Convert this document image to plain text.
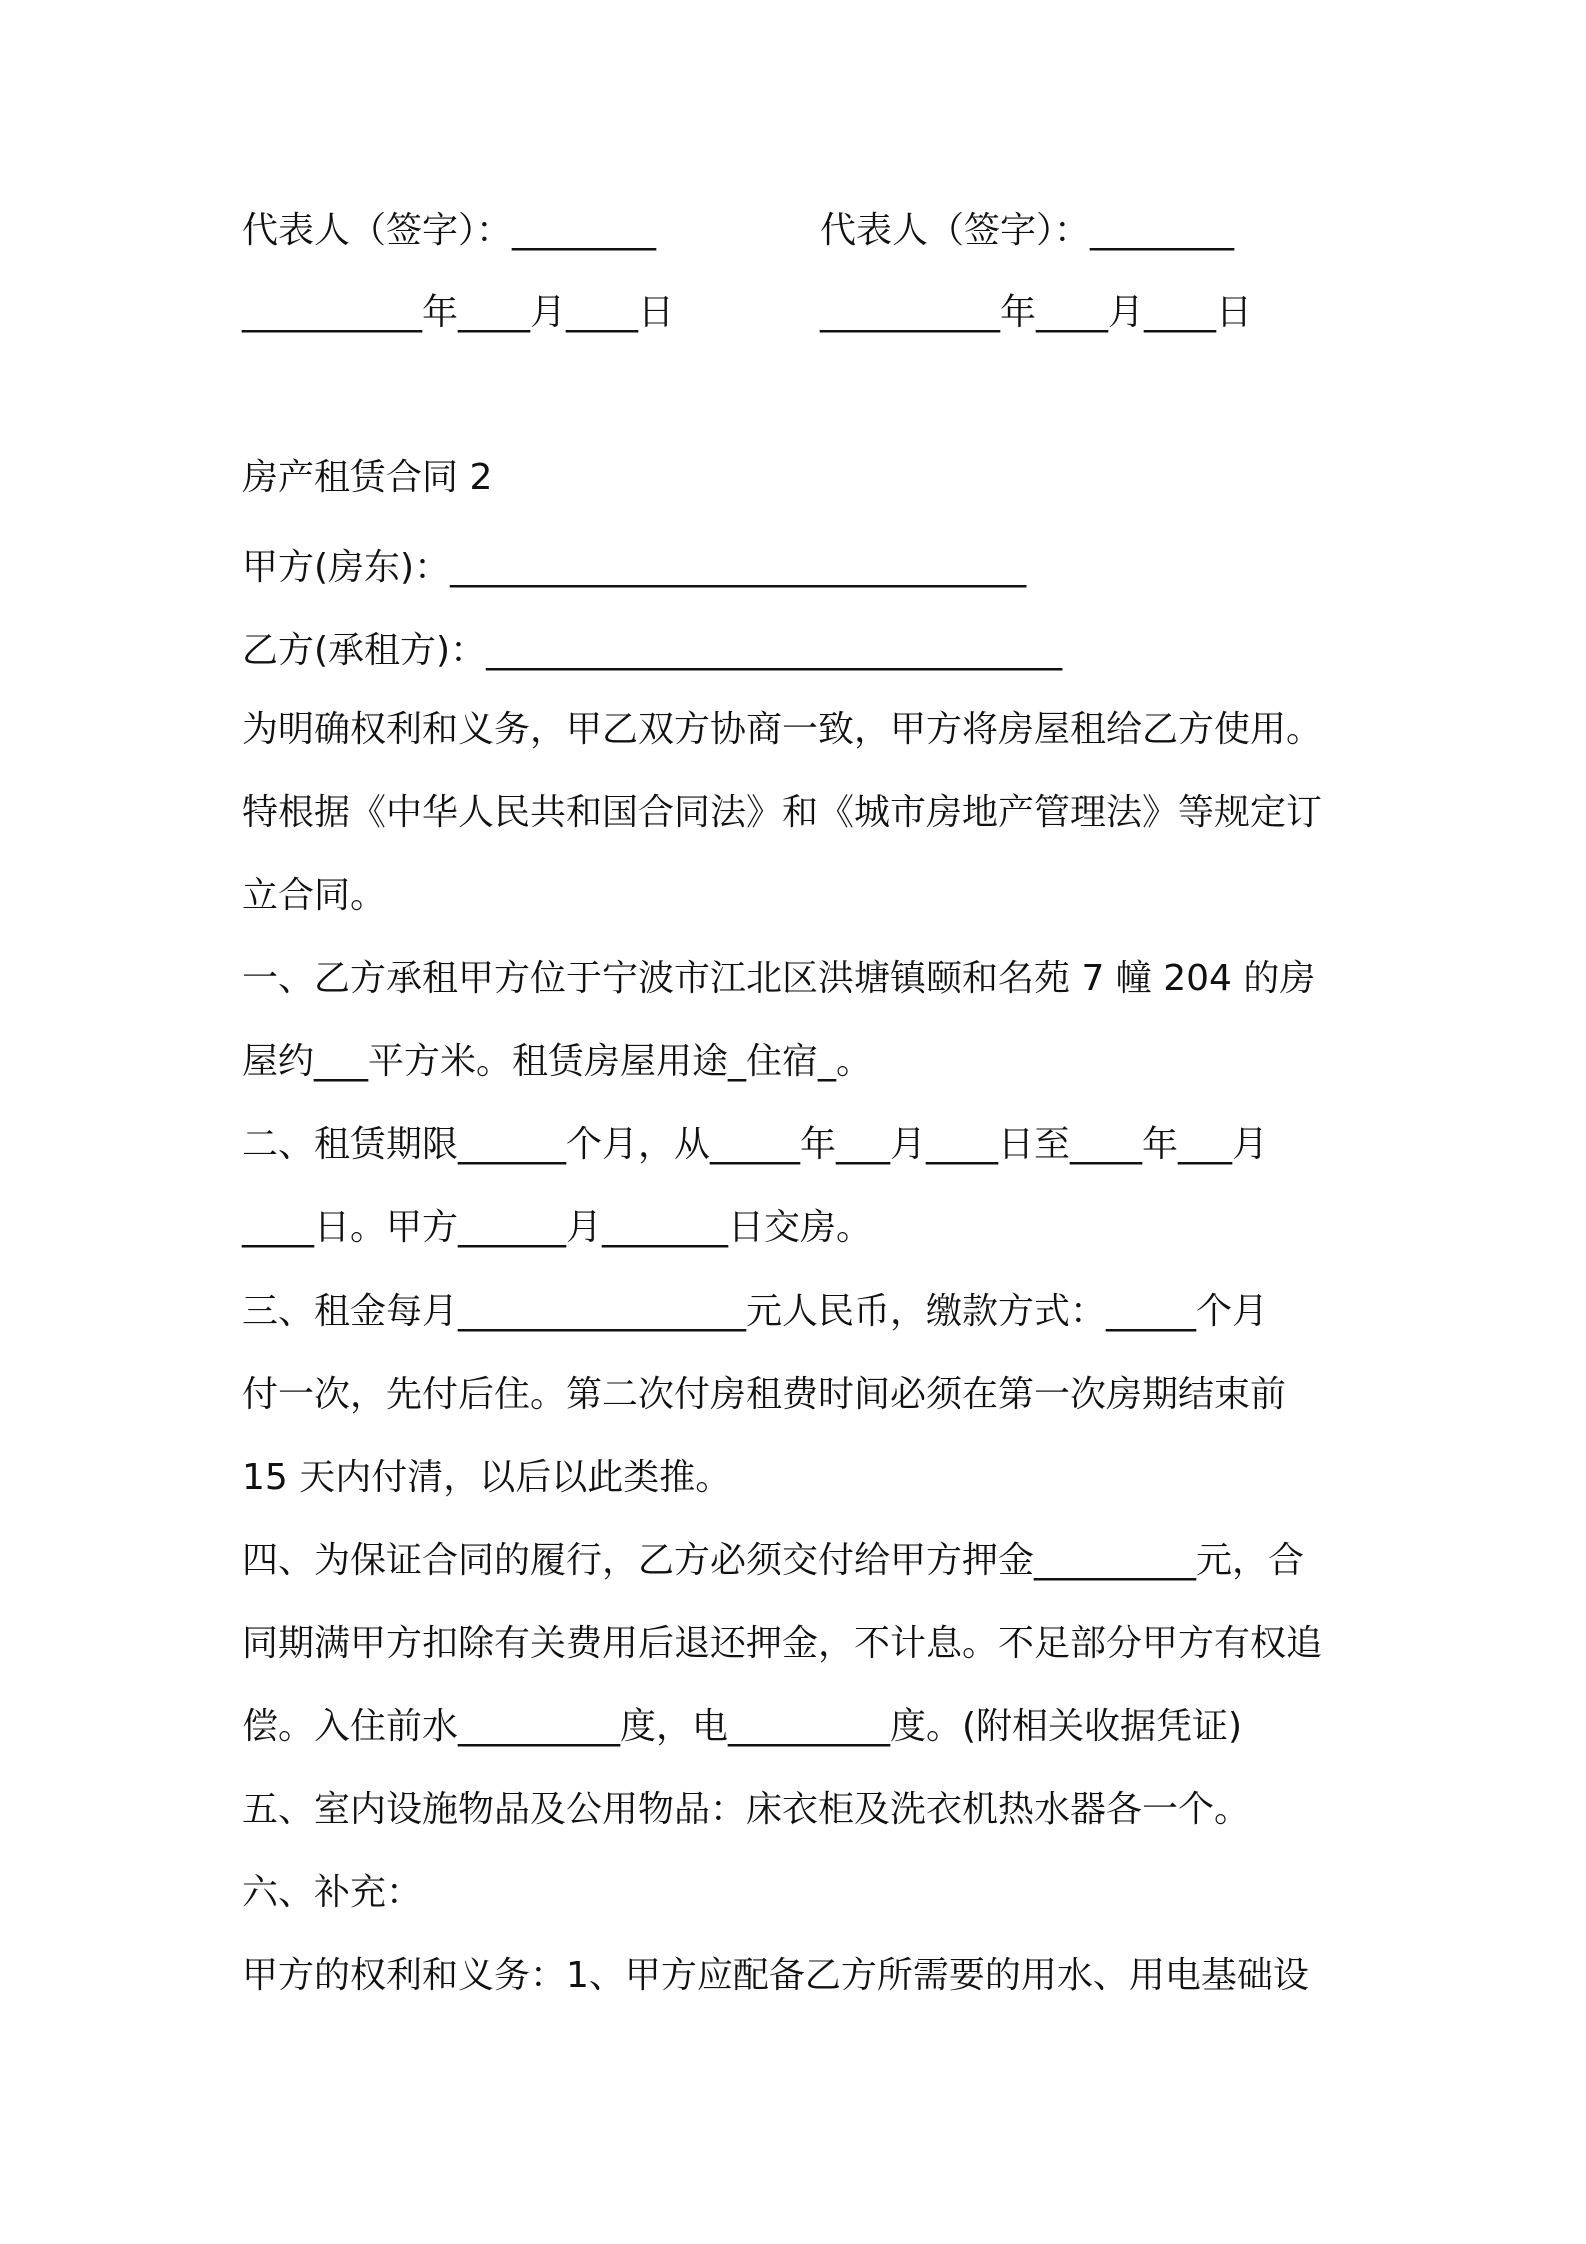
代表人（签字）：________	代表人（签字）：________
__________年____月____日	__________年____月____日
房产租赁合同 2
甲方(房东)：________________________________
乙方(承租方)：________________________________
为明确权利和义务，甲乙双方协商一致，甲方将房屋租给乙方使用。
特根据《中华人民共和国合同法》和《城市房地产管理法》等规定订
立合同。
一、乙方承租甲方位于宁波市江北区洪塘镇颐和名苑 7 幢 204 的房
屋约___平方米。租赁房屋用途_住宿_。
二、租赁期限______个月，从_____年___月____日至____年___月
____日。甲方______月_______日交房。
三、租金每月________________元人民币，缴款方式：_____个月
付一次，先付后住。第二次付房租费时间必须在第一次房期结束前
15 天内付清，以后以此类推。
四、为保证合同的履行，乙方必须交付给甲方押金_________元，合
同期满甲方扣除有关费用后退还押金，不计息。不足部分甲方有权追
偿。入住前水_________度，电_________度。(附相关收据凭证)
五、室内设施物品及公用物品：床衣柜及洗衣机热水器各一个。
六、补充：
甲方的权利和义务：1、甲方应配备乙方所需要的用水、用电基础设
